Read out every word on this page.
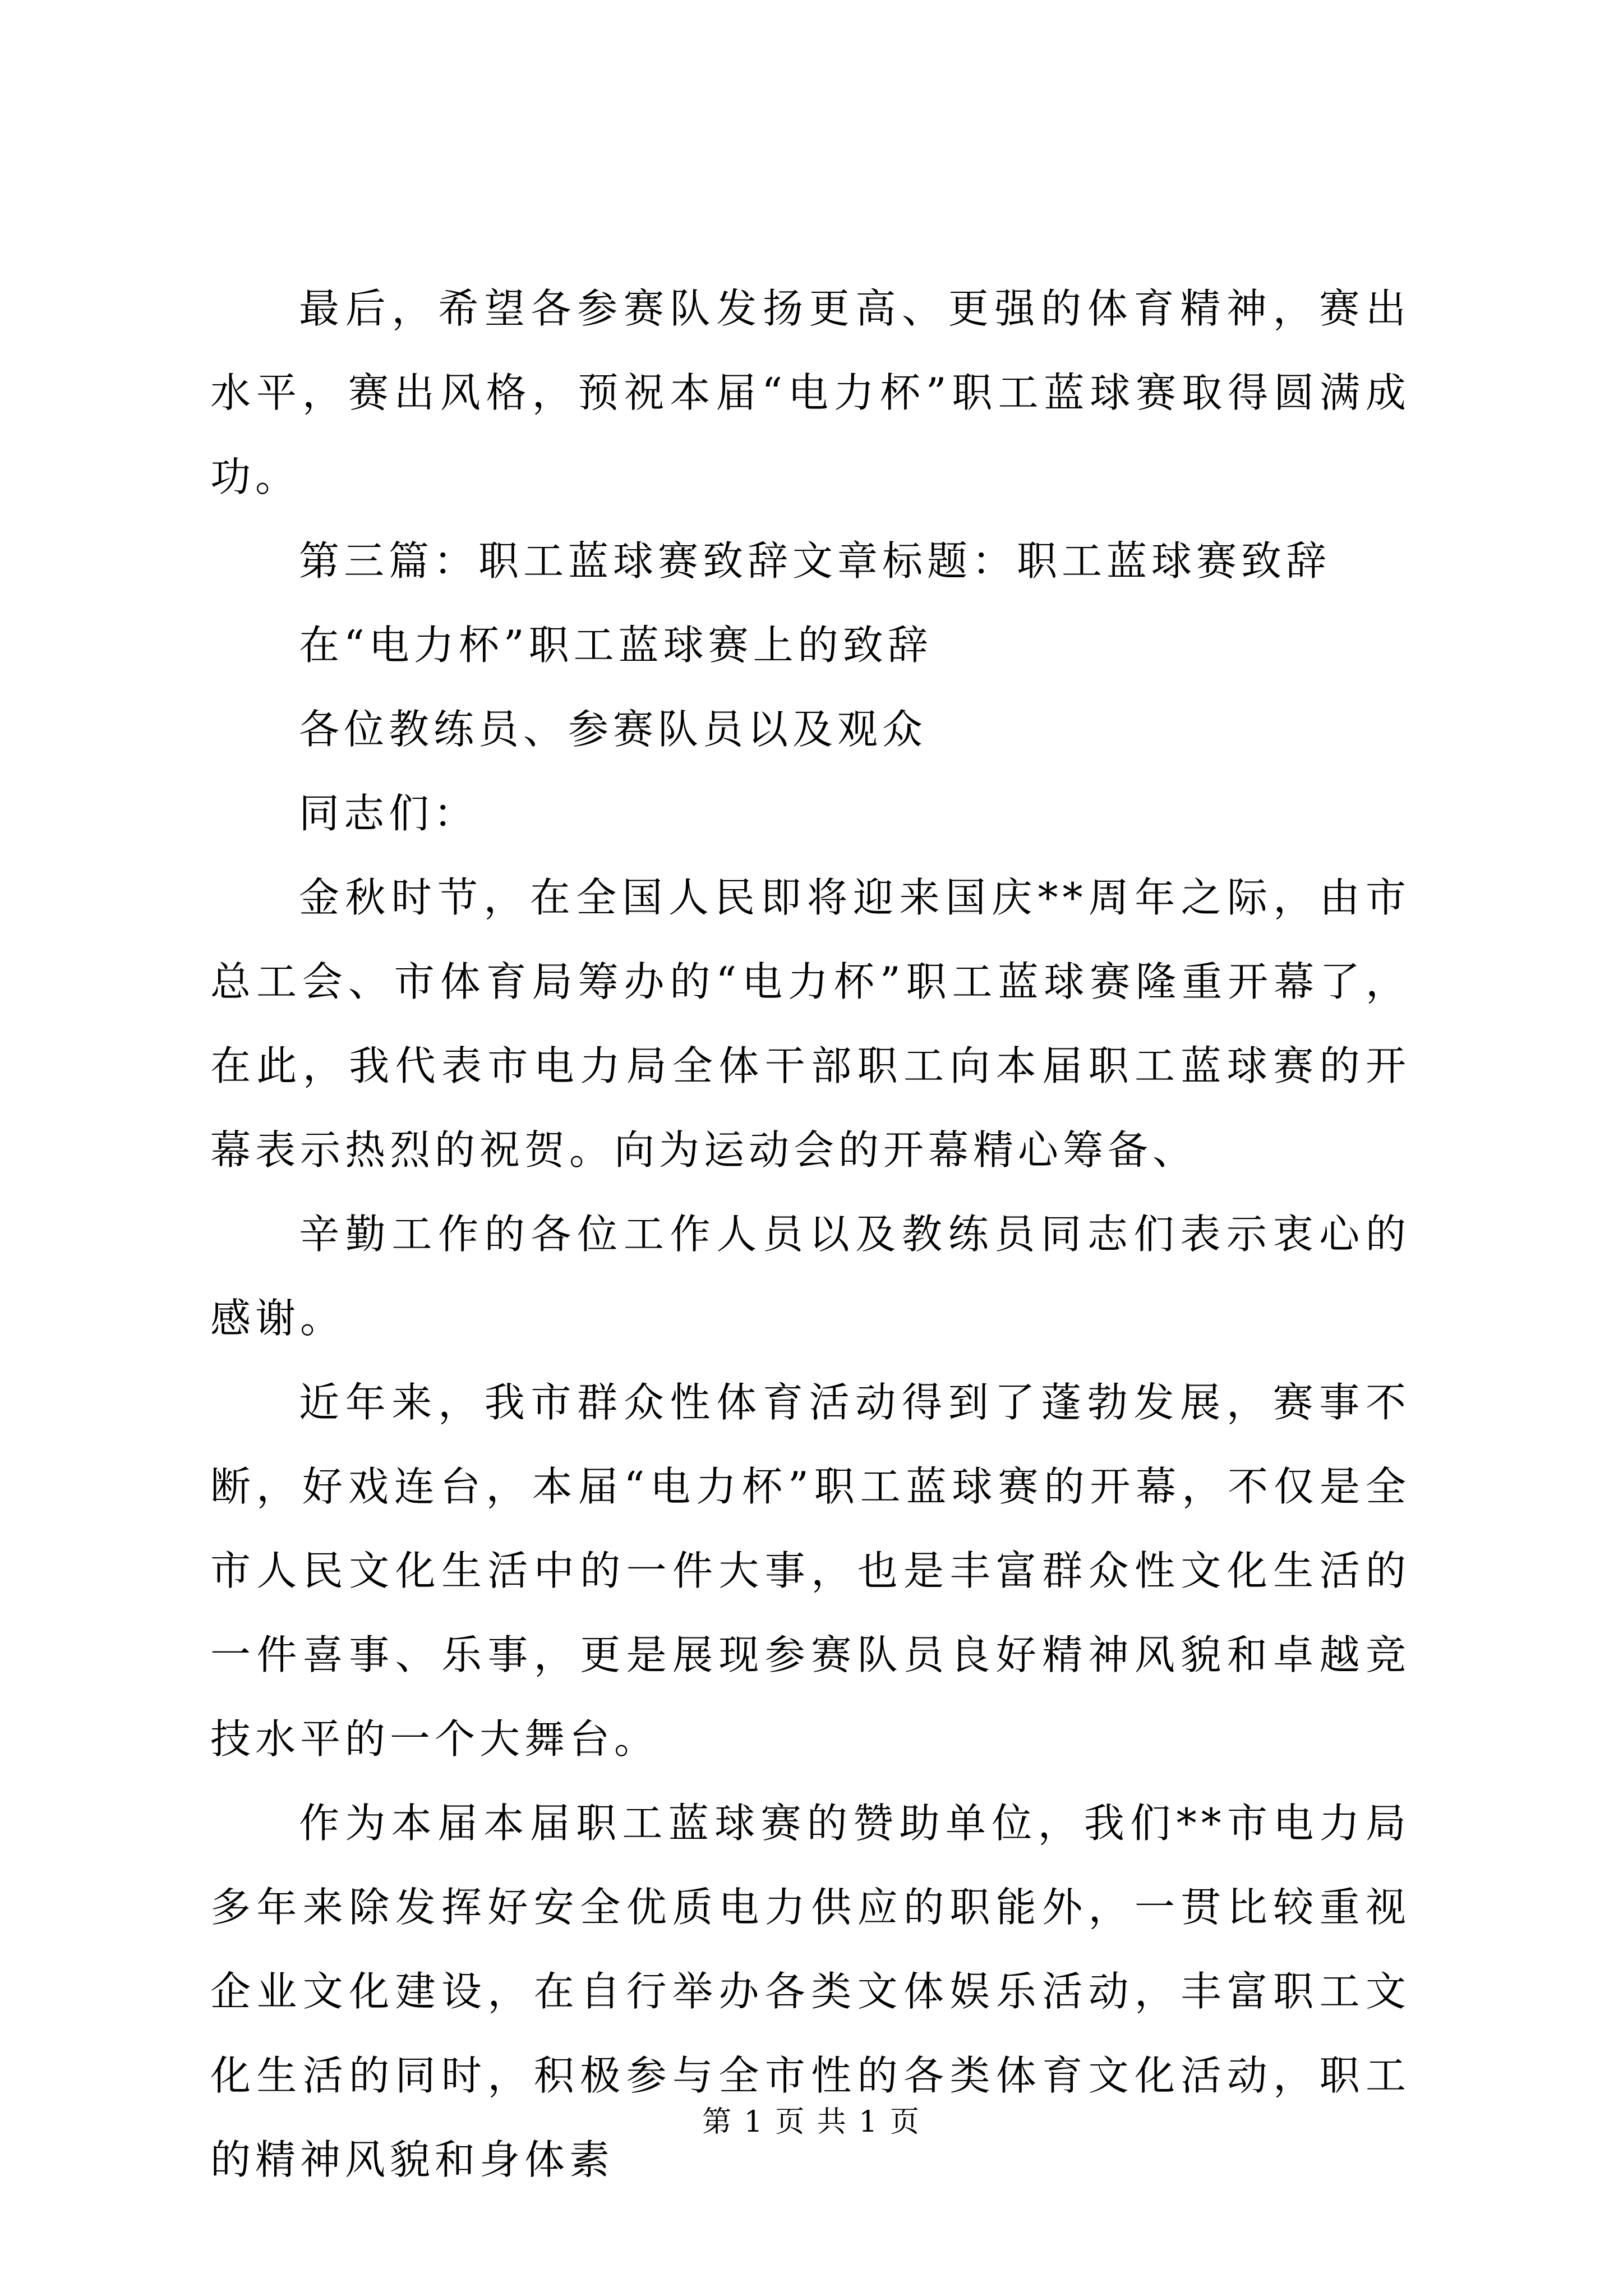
最后，希望各参赛队发扬更高、更强的体育精神，赛出水平，赛出风格，预祝本届“电力杯”职工蓝球赛取得圆满成功。

第三篇：职工蓝球赛致辞文章标题：职工蓝球赛致辞

在“电力杯”职工蓝球赛上的致辞

各位教练员、参赛队员以及观众

同志们：

金秋时节，在全国人民即将迎来国庆**周年之际，由市总工会、市体育局筹办的“电力杯”职工蓝球赛隆重开幕了，在此，我代表市电力局全体干部职工向本届职工蓝球赛的开幕表示热烈的祝贺。向为运动会的开幕精心筹备、

辛勤工作的各位工作人员以及教练员同志们表示衷心的感谢。

近年来，我市群众性体育活动得到了蓬勃发展，赛事不断，好戏连台，本届“电力杯”职工蓝球赛的开幕，不仅是全市人民文化生活中的一件大事，也是丰富群众性文化生活的一件喜事、乐事，更是展现参赛队员良好精神风貌和卓越竞技水平的一个大舞台。

作为本届本届职工蓝球赛的赞助单位，我们**市电力局多年来除发挥好安全优质电力供应的职能外，一贯比较重视企业文化建设，在自行举办各类文体娱乐活动，丰富职工文化生活的同时，积极参与全市性的各类体育文化活动，职工的精神风貌和身体素

第 1 页 共 1 页
